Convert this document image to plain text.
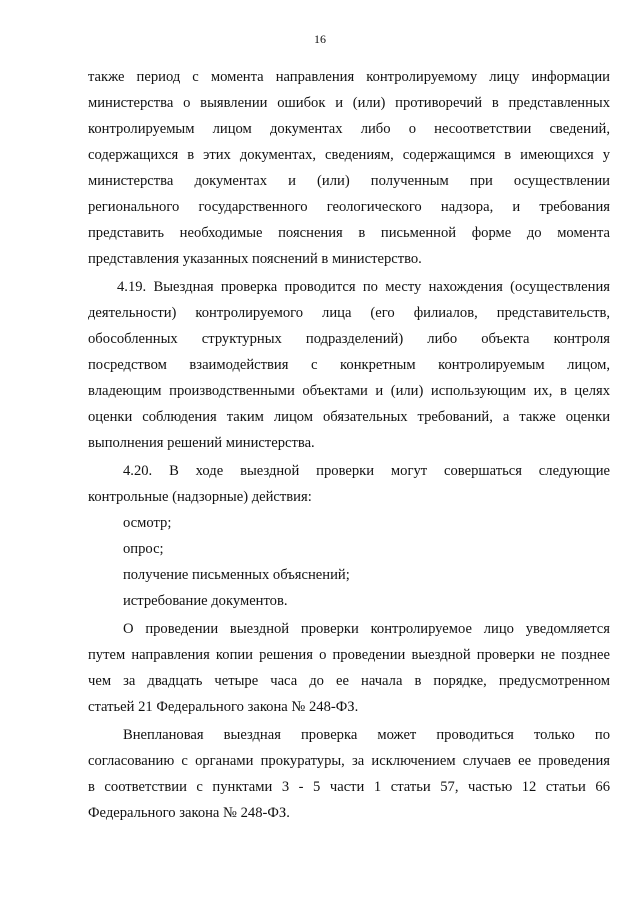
16
также период с момента направления контролируемому лицу информации
министерства о выявлении ошибок и (или) противоречий в представленных
контролируемым лицом документах либо о несоответствии сведений,
содержащихся в этих документах, сведениям, содержащимся в имеющихся у
министерства документах и (или) полученным при осуществлении
регионального государственного геологического надзора, и требования
представить необходимые пояснения в письменной форме до момента
представления указанных пояснений в министерство.
4.19. Выездная проверка проводится по месту нахождения (осуществления
деятельности) контролируемого лица (его филиалов, представительств,
обособленных структурных подразделений) либо объекта контроля
посредством взаимодействия с конкретным контролируемым лицом,
владеющим производственными объектами и (или) использующим их, в целях
оценки соблюдения таким лицом обязательных требований, а также оценки
выполнения решений министерства.
4.20. В ходе выездной проверки могут совершаться следующие
контрольные (надзорные) действия:
осмотр;
опрос;
получение письменных объяснений;
истребование документов.
О проведении выездной проверки контролируемое лицо уведомляется
путем направления копии решения о проведении выездной проверки не позднее
чем за двадцать четыре часа до ее начала в порядке, предусмотренном
статьей 21 Федерального закона № 248-ФЗ.
Внеплановая выездная проверка может проводиться только по
согласованию с органами прокуратуры, за исключением случаев ее проведения
в соответствии с пунктами 3 - 5 части 1 статьи 57, частью 12 статьи 66
Федерального закона № 248-ФЗ.
